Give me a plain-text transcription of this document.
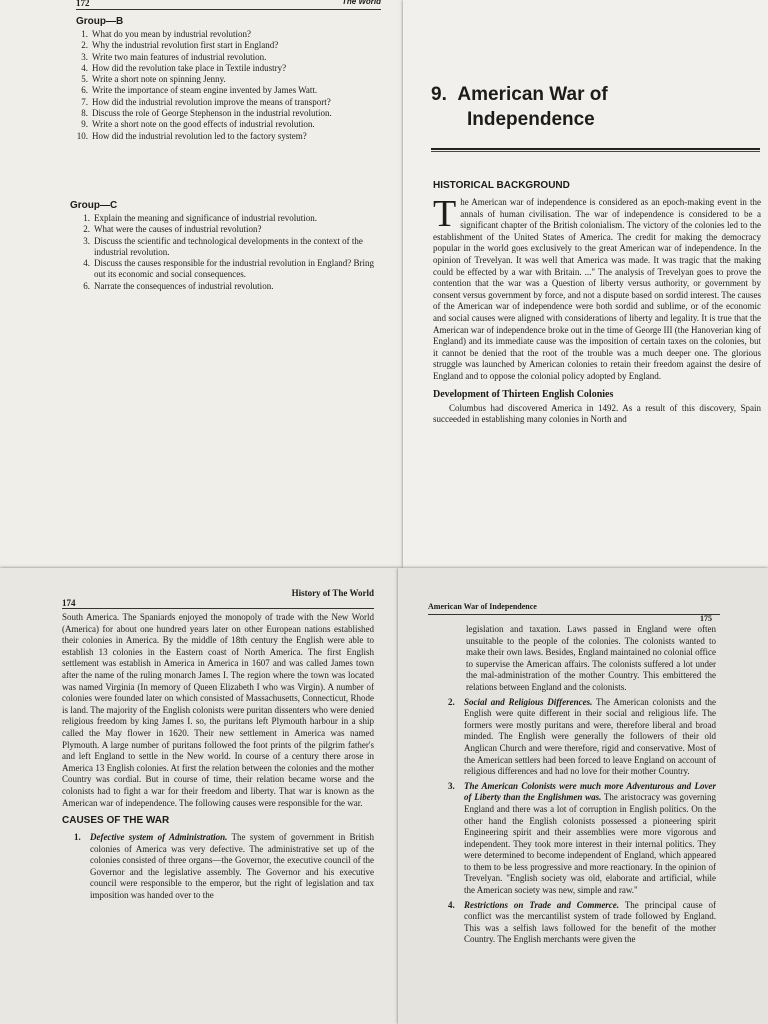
172	The World
Group—B
1. What do you mean by industrial revolution?
2. Why the industrial revolution first start in England?
3. Write two main features of industrial revolution.
4. How did the revolution take place in Textile industry?
5. Write a short note on spinning Jenny.
6. Write the importance of steam engine invented by James Watt.
7. How did the industrial revolution improve the means of transport?
8. Discuss the role of George Stephenson in the industrial revolution.
9. Write a short note on the good effects of industrial revolution.
10. How did the industrial revolution led to the factory system?
Group—C
1. Explain the meaning and significance of industrial revolution.
2. What were the causes of industrial revolution?
3. Discuss the scientific and technological developments in the context of the industrial revolution.
4. Discuss the causes responsible for the industrial revolution in England? Bring out its economic and social consequences.
6. Narrate the consequences of industrial revolution.
9. American War of
Independence
HISTORICAL BACKGROUND

The American war of independence is considered as an epoch-making event in the annals of human civilisation. The war of independence is considered to be a significant chapter of the British colonialism. The victory of the colonies led to the establishment of the United States of America. The credit for making the democracy popular in the world goes exclusively to the great American war of independence. In the opinion of Trevelyan. It was well that America was made. It was tragic that the making could be effected by a war with Britain. ..." The analysis of Trevelyan goes to prove the contention that the war was a Question of liberty versus authority, or government by consent versus government by force, and not a dispute based on sordid interest. The causes of the American war of independence were both sordid and sublime, or of the economic and social causes were aligned with considerations of liberty and legality. It is true that the American war of independence broke out in the time of George III (the Hanoverian king of England) and its immediate cause was the imposition of certain taxes on the colonies, but it cannot be denied that the root of the trouble was a much deeper one. The glorious struggle was launched by American colonies to retain their freedom against the desire of England and to oppose the colonial policy adopted by England.

Development of Thirteen English Colonies

Columbus had discovered America in 1492. As a result of this discovery, Spain succeeded in establishing many colonies in North and

174
History of The World

South America. The Spaniards enjoyed the monopoly of trade with the New World (America) for about one hundred years later on other European nations established their colonies in America. By the middle of 18th century the English were able to establish 13 colonies in the Eastern coast of North America. The first English settlement was establish in America in America in 1607 and was called James town after the name of the ruling monarch James I. The region where the town was located was named Virginia (In memory of Queen Elizabeth I who was Virgin). A number of colonies were founded later on which consisted of Massachusetts, Connecticut, Rhode is land. The majority of the English colonists were puritan dissenters who were denied religious freedom by king James I. so, the puritans left Plymouth harbour in a ship called the May flower in 1620. Their new settlement in America was named Plymouth. A large number of puritans followed the foot prints of the pilgrim father's and left England to settle in the New world. In course of a century there arose in America 13 English colonies. At first the relation between the colonies and the mother Country was cordial. But in course of time, their relation became worse and the colonists had to fight a war for their freedom and liberty. That war is known as the American war of independence. The following causes were responsible for the war.

CAUSES OF THE WAR
1.	Defective system of Administration. The system of government in British colonies of America was very defective. The administrative set up of the colonies consisted of three organs—the Governor, the executive council of the Governor and the legislative assembly. The Governor and his executive council were responsible to the emperor, but the right of legislation and tax imposition was handed over to the
American War of Independence
175

legislation and taxation. Laws passed in England were often unsuitable to the people of the colonies. The colonists wanted to make their own laws. Besides, England maintained no colonial office to supervise the American affairs. The colonists suffered a lot under the mal-administration of the mother Country. This embittered the relations between England and the colonists.

2.	Social and Religious Differences. The American colonists and the English were quite different in their social and religious life. The formers were mostly puritans and were, therefore liberal and broad minded. The English were generally the followers of their old Anglican Church and were therefore, rigid and conservative. Most of the American settlers had been forced to leave England on account of religious differences and had no love for their mother Country.
3.	The American Colonists were much more Adventurous and Lover of Liberty than the Englishmen was. The aristocracy was governing England and there was a lot of corruption in English politics. On the other hand the English colonists possessed a pioneering spirit Engineering spirit and their assemblies were more vigorous and independent. They took more interest in their internal politics. They were determined to become independent of England, which appeared to them to be less progressive and more reactionary. In the opinion of Trevelyan. "English society was old, elaborate and artificial, while the American society was new, simple and raw."
4.	Restrictions on Trade and Commerce. The principal cause of conflict was the mercantilist system of trade followed by England. This was a selfish laws followed for the benefit of the mother Country. The English merchants were given the
